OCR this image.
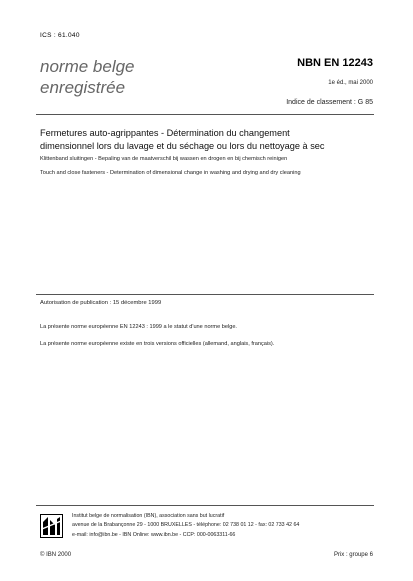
ICS : 61.040
norme belge
enregistrée
NBN EN 12243
1e éd., mai 2000
Indice de classement : G 85
Fermetures auto-agrippantes - Détermination du changement
dimensionnel lors du lavage et du séchage ou lors du nettoyage à sec
Klittenband sluitingen - Bepaling van de maatverschil bij wassen en drogen en bij chemisch reinigen
Touch and close fasteners - Determination of dimensional change in washing and drying and dry cleaning
Autorisation de publication : 15 décembre 1999
La présente norme européenne EN 12243 : 1999 a le statut d'une norme belge.
La présente norme européenne existe en trois versions officielles (allemand, anglais, français).
Institut belge de normalisation (IBN), association sans but lucratif
avenue de la Brabançonne 29 - 1000 BRUXELLES - téléphone: 02 738 01 12 - fax: 02 733 42 64
e-mail: info@ibn.be - IBN Online: www.ibn.be - CCP: 000-0063311-66
© IBN 2000	Prix : groupe 6
